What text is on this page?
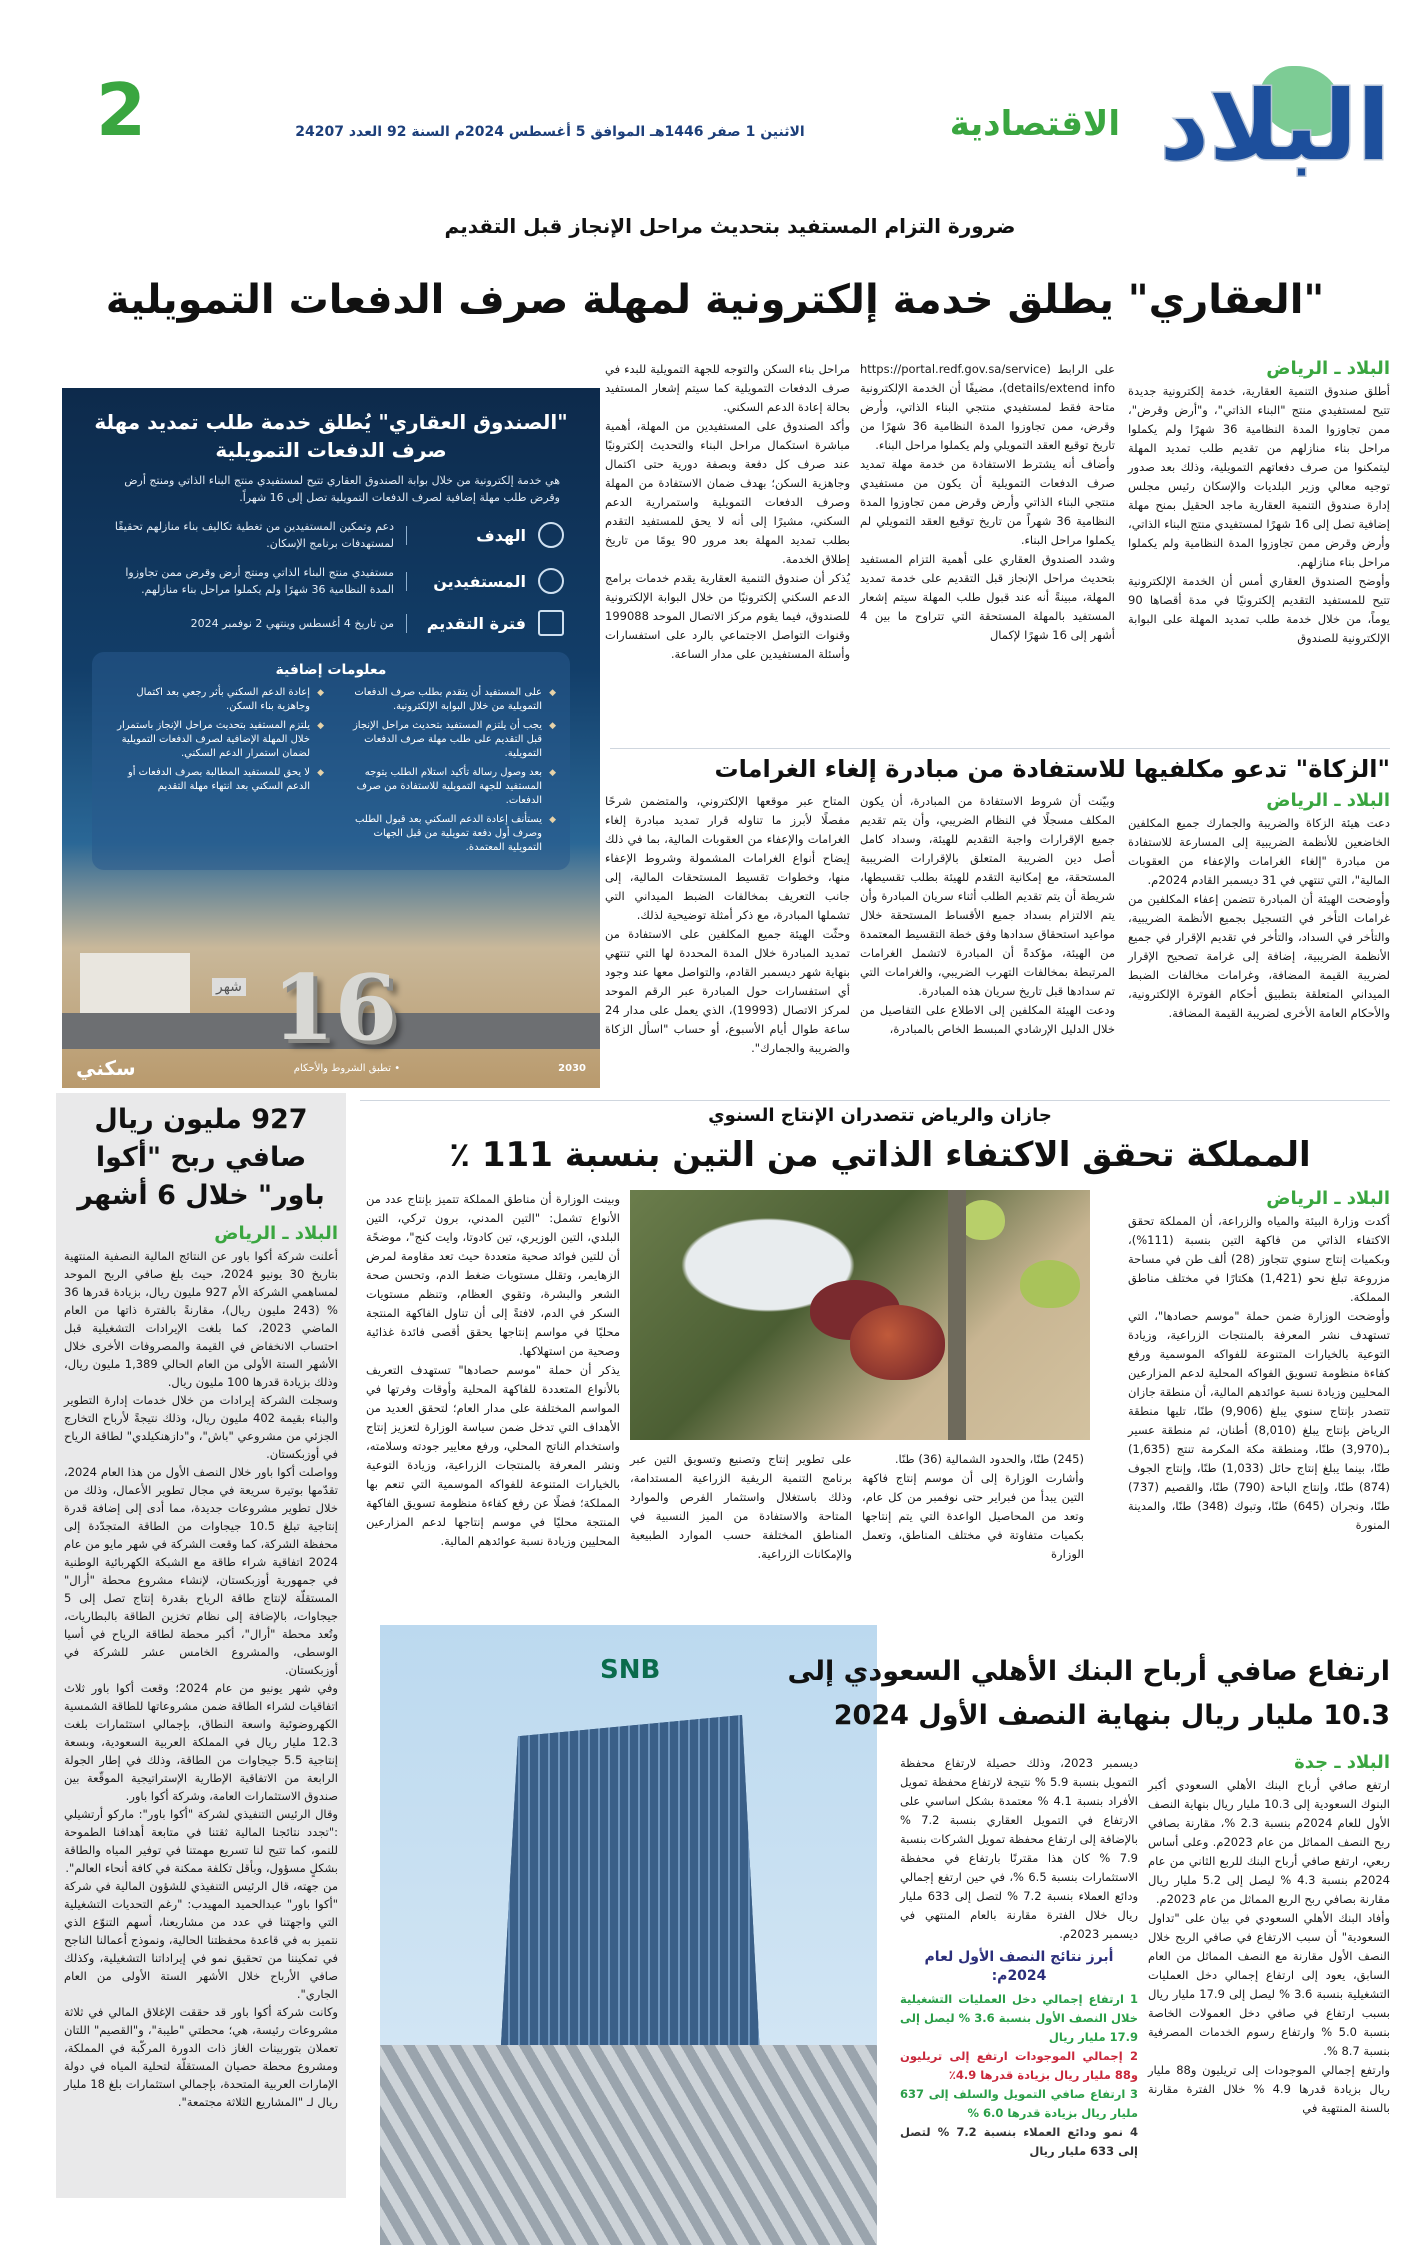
البلاد
الاقتصادية
الاثنين 1 صفر 1446هـ الموافق 5 أغسطس 2024م السنة 92 العدد 24207
2
ضرورة التزام المستفيد بتحديث مراحل الإنجاز قبل التقديم
"العقاري" يطلق خدمة إلكترونية لمهلة صرف الدفعات التمويلية
"الصندوق العقاري" يُطلق خدمة طلب تمديد مهلة صرف الدفعات التمويلية
هي خدمة إلكترونية من خلال بوابة الصندوق العقاري تتيح لمستفيدي منتج البناء الذاتي ومنتج أرض وقرض طلب مهلة إضافية لصرف الدفعات التمويلية تصل إلى 16 شهراً.
الهدف
دعم وتمكين المستفيدين من تغطية تكاليف بناء منازلهم تحقيقًا لمستهدفات برنامج الإسكان.
المستفيدين
مستفيدي منتج البناء الذاتي ومنتج أرض وقرض ممن تجاوزوا المدة النظامية 36 شهرًا ولم يكملوا مراحل بناء منازلهم.
فترة التقديم
من تاريخ 4 أغسطس وينتهي 2 نوفمبر 2024
معلومات إضافية
◆ على المستفيد أن يتقدم بطلب صرف الدفعات التمويلية من خلال البوابة الإلكترونية.
◆ يجب أن يلتزم المستفيد بتحديث مراحل الإنجاز قبل التقديم على طلب مهلة صرف الدفعات التمويلية.
◆ بعد وصول رسالة تأكيد استلام الطلب يتوجه المستفيد للجهة التمويلية للاستفادة من صرف الدفعات.
◆ يستأنف إعادة الدعم السكني بعد قبول الطلب وصرف أول دفعة تمويلية من قبل الجهات التمويلية المعتمدة.
◆ إعادة الدعم السكني بأثر رجعي بعد اكتمال وجاهزية بناء السكن.
◆ يلتزم المستفيد بتحديث مراحل الإنجاز باستمرار خلال المهلة الإضافية لصرف الدفعات التمويلية لضمان استمرار الدعم السكني.
◆ لا يحق للمستفيد المطالبة بصرف الدفعات أو الدعم السكني بعد انتهاء مهلة التقديم
16
شهر
2030
• تطبق الشروط والأحكام
سكني
البلاد ـ الرياض

أطلق صندوق التنمية العقارية، خدمة إلكترونية جديدة تتيح لمستفيدي منتج "البناء الذاتي"، و"أرض وقرض"، ممن تجاوزوا المدة النظامية 36 شهرًا ولم يكملوا مراحل بناء منازلهم من تقديم طلب تمديد المهلة ليتمكنوا من صرف دفعاتهم التمويلية، وذلك بعد صدور توجيه معالي وزير البلديات والإسكان رئيس مجلس إدارة صندوق التنمية العقارية ماجد الحقيل بمنح مهلة إضافية تصل إلى 16 شهرًا لمستفيدي منتج البناء الذاتي، وأرض وقرض ممن تجاوزوا المدة النظامية ولم يكملوا مراحل بناء منازلهم.

وأوضح الصندوق العقاري أمس أن الخدمة الإلكترونية تتيح للمستفيد التقديم إلكترونيًا في مدة أقصاها 90 يوماً، من خلال خدمة طلب تمديد المهلة على البوابة الإلكترونية للصندوق

على الرابط (https://portal.redf.gov.sa/service details/extend info)، مضيفًا أن الخدمة الإلكترونية متاحة فقط لمستفيدي منتجي البناء الذاتي، وأرض وقرض، ممن تجاوزوا المدة النظامية 36 شهرًا من تاريخ توقيع العقد التمويلي ولم يكملوا مراحل البناء.

وأضاف أنه يشترط الاستفادة من خدمة مهلة تمديد صرف الدفعات التمويلية أن يكون من مستفيدي منتجي البناء الذاتي وأرض وقرض ممن تجاوزوا المدة النظامية 36 شهراً من تاريخ توقيع العقد التمويلي لم يكملوا مراحل البناء.

وشدد الصندوق العقاري على أهمية التزام المستفيد بتحديث مراحل الإنجاز قبل التقديم على خدمة تمديد المهلة، مبينةً أنه عند قبول طلب المهلة سيتم إشعار المستفيد بالمهلة المستحقة التي تتراوح ما بين 4 أشهر إلى 16 شهرًا لإكمال

مراحل بناء السكن والتوجه للجهة التمويلية للبدء في صرف الدفعات التمويلية كما سيتم إشعار المستفيد بحالة إعادة الدعم السكني.

وأكد الصندوق على المستفيدين من المهلة، أهمية مباشرة استكمال مراحل البناء والتحديث إلكترونيًا عند صرف كل دفعة وبصفة دورية حتى اكتمال وجاهزية السكن؛ بهدف ضمان الاستفادة من المهلة وصرف الدفعات التمويلية واستمرارية الدعم السكني، مشيرًا إلى أنه لا يحق للمستفيد التقدم بطلب تمديد المهلة بعد مرور 90 يومًا من تاريخ إطلاق الخدمة.

يُذكر أن صندوق التنمية العقارية يقدم خدمات برامج الدعم السكني إلكترونيًا من خلال البوابة الإلكترونية للصندوق، فيما يقوم مركز الاتصال الموحد 199088 وقنوات التواصل الاجتماعي بالرد على استفسارات وأسئلة المستفيدين على مدار الساعة.

"الزكاة" تدعو مكلفيها للاستفادة من مبادرة إلغاء الغرامات
البلاد ـ الرياض

دعت هيئة الزكاة والضريبة والجمارك جميع المكلفين الخاضعين للأنظمة الضريبية إلى المسارعة للاستفادة من مبادرة "إلغاء الغرامات والإعفاء من العقوبات المالية"، التي تنتهي في 31 ديسمبر القادم 2024م.

وأوضحت الهيئة أن المبادرة تتضمن إعفاء المكلفين من غرامات التأخر في التسجيل بجميع الأنظمة الضريبية، والتأخر في السداد، والتأخر في تقديم الإقرار في جميع الأنظمة الضريبية، إضافة إلى غرامة تصحيح الإقرار لضريبة القيمة المضافة، وغرامات مخالفات الضبط الميداني المتعلقة بتطبيق أحكام الفوترة الإلكترونية، والأحكام العامة الأخرى لضريبة القيمة المضافة.

وبيّنت أن شروط الاستفادة من المبادرة، أن يكون المكلف مسجلًا في النظام الضريبي، وأن يتم تقديم جميع الإقرارات واجبة التقديم للهيئة، وسداد كامل أصل دين الضريبة المتعلق بالإقرارات الضريبية المستحقة، مع إمكانية التقدم للهيئة بطلب تقسيطها، شريطة أن يتم تقديم الطلب أثناء سريان المبادرة وأن يتم الالتزام بسداد جميع الأقساط المستحقة خلال مواعيد استحقاق سدادها وفق خطة التقسيط المعتمدة من الهيئة، مؤكدةً أن المبادرة لاتشمل الغرامات المرتبطة بمخالفات التهرب الضريبي، والغرامات التي تم سدادها قبل تاريخ سريان هذه المبادرة.

ودعت الهيئة المكلفين إلى الاطلاع على التفاصيل من خلال الدليل الإرشادي المبسط الخاص بالمبادرة،

المتاح عبر موقعها الإلكتروني، والمتضمن شرحًا مفصلًا لأبرز ما تناوله قرار تمديد مبادرة إلغاء الغرامات والإعفاء من العقوبات المالية، بما في ذلك إيضاح أنواع الغرامات المشمولة وشروط الإعفاء منها، وخطوات تقسيط المستحقات المالية، إلى جانب التعريف بمخالفات الضبط الميداني التي تشملها المبادرة، مع ذكر أمثلة توضيحية لذلك.

وحثّت الهيئة جميع المكلفين على الاستفادة من تمديد المبادرة خلال المدة المحددة لها التي تنتهي بنهاية شهر ديسمبر القادم، والتواصل معها عند وجود أي استفسارات حول المبادرة عبر الرقم الموحد لمركز الاتصال (19993)، الذي يعمل على مدار 24 ساعة طوال أيام الأسبوع، أو حساب "اسأل الزكاة والضريبة والجمارك".

927 مليون ريال صافي ربح "أكوا باور" خلال 6 أشهر
البلاد ـ الرياض

أعلنت شركة أكوا باور عن النتائج المالية النصفية المنتهية بتاريخ 30 يونيو 2024، حيث بلغ صافي الربح الموحد لمساهمي الشركة الأم 927 مليون ريال، بزيادة قدرها 36 % (243 مليون ريال)، مقارنةً بالفترة ذاتها من العام الماضي 2023، كما بلغت الإيرادات التشغيلية قبل احتساب الانخفاض في القيمة والمصروفات الأخرى خلال الأشهر الستة الأولى من العام الحالي 1,389 مليون ريال، وذلك بزيادة قدرها 100 مليون ريال.

وسجلت الشركة إيرادات من خلال خدمات إدارة التطوير والبناء بقيمة 402 مليون ريال، وذلك نتيجةً لأرباح التخارج الجزئي من مشروعي "باش"، و"دازهنكيلدي" لطاقة الرياح في أوزبكستان.

وواصلت أكوا باور خلال النصف الأول من هذا العام 2024، تقدّمها بوتيرة سريعة في مجال تطوير الأعمال، وذلك من خلال تطوير مشروعات جديدة، مما أدى إلى إضافة قدرة إنتاجية تبلغ 10.5 جيجاوات من الطاقة المتجدّدة إلى محفظة الشركة، كما وقعت الشركة في شهر مايو من عام 2024 اتفاقية شراء طاقة مع الشبكة الكهربائية الوطنية في جمهورية أوزبكستان، لإنشاء مشروع محطة "أرال" المستقلّة لإنتاج طاقة الرياح بقدرة إنتاج تصل إلى 5 جيجاوات، بالإضافة إلى نظام تخزين الطاقة بالبطاريات، وتُعد محطة "أرال"، أكبر محطة لطاقة الرياح في أسيا الوسطى، والمشروع الخامس عشر للشركة في أوزبكستان.

وفي شهر يونيو من عام 2024؛ وقعت أكوا باور ثلاث اتفاقيات لشراء الطاقة ضمن مشروعاتها للطاقة الشمسية الكهروضوئية واسعة النطاق، بإجمالي استثمارات بلغت 12.3 مليار ريال في المملكة العربية السعودية، وبسعة إنتاجية 5.5 جيجاوات من الطاقة، وذلك في إطار الجولة الرابعة من الاتفاقية الإطارية الإستراتيجية الموقّعة بين صندوق الاستثمارات العامة، وشركة أكوا باور.

وقال الرئيس التنفيذي لشركة "أكوا باور": ماركو أرتشيلي :"تجدد نتائجنا المالية ثقتنا في متابعة أهدافنا الطموحة للنمو، كما تتيح لنا تسريع مهمتنا في توفير المياه والطاقة بشكلٍ مسؤول، وبأقل تكلفة ممكنة في كافة أنحاء العالم".

من جهته، قال الرئيس التنفيذي للشؤون المالية في شركة "أكوا باور" عبدالحميد المهيدب: "رغم التحديات التشغيلية التي واجهتنا في عدد من مشاريعنا، أسهم التنوّع الذي نتميز به في قاعدة محفظتنا الحالية، ونموذج أعمالنا الناجح في تمكيننا من تحقيق نمو في إيراداتنا التشغيلية، وكذلك صافي الأرباح خلال الأشهر الستة الأولى من العام الجاري".

وكانت شركة أكوا باور قد حققت الإغلاق المالي في ثلاثة مشروعات رئيسة، هي؛ محطتي "طيبة"، و"القصيم" اللتان تعملان بتوربينات الغاز ذات الدورة المركّبة في المملكة، ومشروع محطة حصيان المستقلّة لتحلية المياه في دولة الإمارات العربية المتحدة، بإجمالي استثمارات بلغ 18 مليار ريال لـ "المشاريع الثلاثة مجتمعة".

جازان والرياض تتصدران الإنتاج السنوي
المملكة تحقق الاكتفاء الذاتي من التين بنسبة 111 ٪
البلاد ـ الرياض

أكدت وزارة البيئة والمياه والزراعة، أن المملكة تحقق الاكتفاء الذاتي من فاكهة التين بنسبة (111%)، وبكميات إنتاج سنوي تتجاوز (28) ألف طن في مساحة مزروعة تبلغ نحو (1,421) هكتارًا في مختلف مناطق المملكة.

وأوضحت الوزارة ضمن حملة "موسم حصادها"، التي تستهدف نشر المعرفة بالمنتجات الزراعية، وزيادة التوعية بالخيارات المتنوعة للفواكه الموسمية ورفع كفاءة منظومة تسويق الفواكه المحلية لدعم المزارعين المحليين وزيادة نسبة عوائدهم المالية، أن منطقة جازان تتصدر بإنتاج سنوي يبلغ (9,906) طنًا، تليها منطقة الرياض بإنتاج يبلغ (8,010) أطنان، ثم منطقة عسير بـ(3,970) طنًا، ومنطقة مكة المكرمة تنتج (1,635) طنًا، بينما يبلغ إنتاج حائل (1,033) طنًا، وإنتاج الجوف (874) طنًا، وإنتاج الباحة (790) طنًا، والقصيم (737) طنًا، ونجران (645) طنًا، وتبوك (348) طنًا، والمدينة المنورة

(245) طنًا، والحدود الشمالية (36) طنًا.

وأشارت الوزارة إلى أن موسم إنتاج فاكهة التين يبدأ من فبراير حتى نوفمبر من كل عام، وتعد من المحاصيل الواعدة التي يتم إنتاجها بكميات متفاوتة في مختلف المناطق، وتعمل الوزارة

على تطوير إنتاج وتصنيع وتسويق التين عبر برنامج التنمية الريفية الزراعية المستدامة، وذلك باستغلال واستثمار الفرص والموارد المتاحة والاستفادة من الميز النسبية في المناطق المختلفة حسب الموارد الطبيعية والإمكانات الزراعية.

وبينت الوزارة أن مناطق المملكة تتميز بإنتاج عدد من الأنواع تشمل: "التين المدني، برون تركي، التين البلدي، التين الوزيري، تين كادوتا، وايت كنج"، موضحًة أن للتين فوائد صحية متعددة حيث تعد مقاومة لمرض الزهايمر، وتقلل مستويات ضغط الدم، وتحسن صحة الشعر والبشرة، وتقوي العظام، وتنظم مستويات السكر في الدم، لافتةً إلى أن تناول الفاكهة المنتجة محليًا في مواسم إنتاجها يحقق أقصى فائدة غذائية وصحية من استهلاكها.

يذكر أن حملة "موسم حصادها" تستهدف التعريف بالأنواع المتعددة للفاكهة المحلية وأوقات وفرتها في المواسم المختلفة على مدار العام؛ لتحقق العديد من الأهداف التي تدخل ضمن سياسة الوزارة لتعزيز إنتاج واستخدام الناتج المحلي، ورفع معايير جودته وسلامته، ونشر المعرفة بالمنتجات الزراعية، وزيادة التوعية بالخيارات المتنوعة للفواكه الموسمية التي تنعم بها المملكة؛ فضلًا عن رفع كفاءة منظومة تسويق الفاكهة المنتجة محليًا في موسم إنتاجها لدعم المزارعين المحليين وزيادة نسبة عوائدهم المالية.

SNB	ارتفاع صافي أرباح البنك الأهلي السعودي إلى
10.3 مليار ريال بنهاية النصف الأول 2024
البلاد ـ جدة

ارتفع صافي أرباح البنك الأهلي السعودي أكبر البنوك السعودية إلى 10.3 مليار ريال بنهاية النصف الأول للعام 2024م بنسبة 2.3 %، مقارنة بصافي ربح النصف المماثل من عام 2023م. وعلى أساس ربعي، ارتفع صافي أرباح البنك للربع الثاني من عام 2024م بنسبة 4.3 % ليصل إلى 5.2 مليار ريال مقارنة بصافي ربح الربع المماثل من عام 2023م.

وأفاد البنك الأهلي السعودي في بيان على "تداول السعودية" أن سبب الارتفاع في صافي الربح خلال النصف الأول مقارنة مع النصف المماثل من العام السابق، يعود إلى ارتفاع إجمالي دخل العمليات التشغيلية بنسبة 3.6 % ليصل إلى 17.9 مليار ريال بسبب ارتفاع في صافي دخل العمولات الخاصة بنسبة 5.0 % وارتفاع رسوم الخدمات المصرفية بنسبة 8.7 %.

وارتفع إجمالي الموجودات إلى تريليون و88 مليار ريال بزيادة قدرها 4.9 % خلال الفترة مقارنة بالسنة المنتهية في

ديسمبر 2023، وذلك حصيلة لارتفاع محفظة التمويل بنسبة 5.9 % نتيجة لارتفاع محفظة تمويل الأفراد بنسبة 4.1 % معتمدة بشكل اساسي على الارتفاع في التمويل العقاري بنسبة 7.2 % بالإضافة إلى ارتفاع محفظة تمويل الشركات بنسبة 7.9 % كان هذا مقترنًا بارتفاع في محفظة الاستثمارات بنسبة 6.5 %، في حين ارتفع إجمالي ودائع العملاء بنسبة 7.2 % لتصل إلى 633 مليار ريال خلال الفترة مقارنة بالعام المنتهي في ديسمبر 2023م.

أبرز نتائج النصف الأول لعام 2024م:
1 ارتفاع إجمالي دخل العمليات التشغيلية خلال النصف الأول بنسبة 3.6 % ليصل إلى 17.9 مليار ريال
2 إجمالي الموجودات ارتفع إلى تريليون و88 مليار ريال بزيادة قدرها 4.9٪
3 ارتفاع صافي التمويل والسلف إلى 637 مليار ريال بزيادة قدرها 6.0 %
4 نمو ودائع العملاء بنسبة 7.2 % لتصل إلى 633 مليار ريال
